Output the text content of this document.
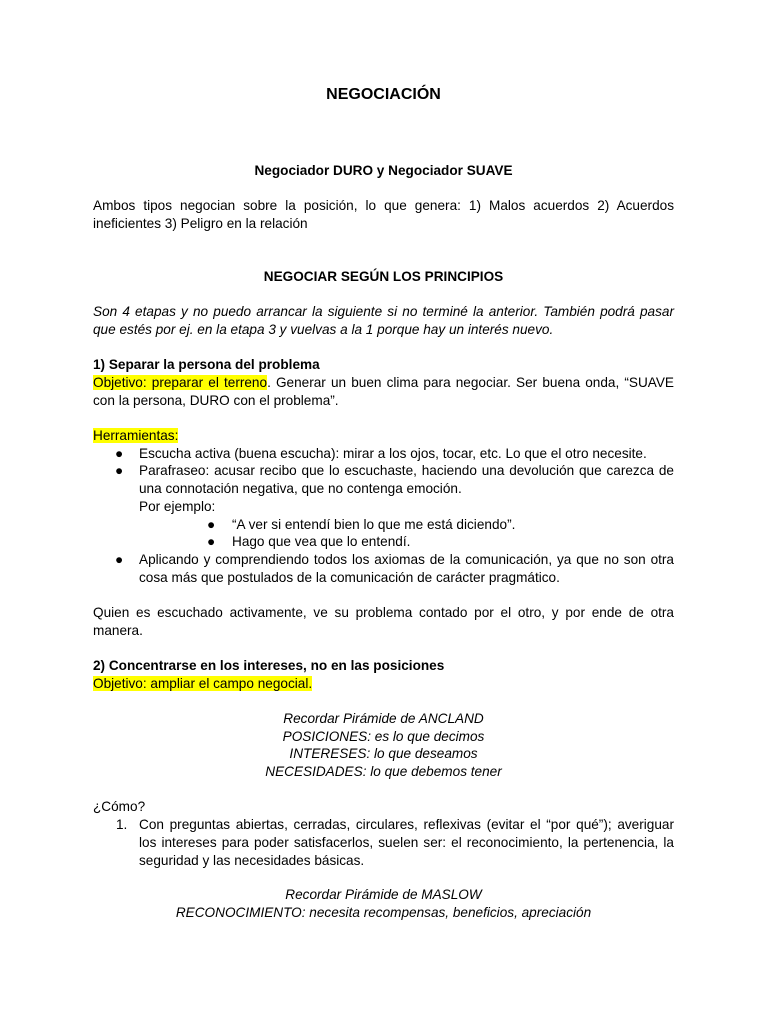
NEGOCIACIÓN
Negociador DURO y Negociador SUAVE
Ambos tipos negocian sobre la posición, lo que genera: 1) Malos acuerdos 2) Acuerdos ineficientes 3) Peligro en la relación
NEGOCIAR SEGÚN LOS PRINCIPIOS
Son 4 etapas y no puedo arrancar la siguiente si no terminé la anterior. También podrá pasar que estés por ej. en la etapa 3 y vuelvas a la 1 porque hay un interés nuevo.
1) Separar la persona del problema
Objetivo: preparar el terreno. Generar un buen clima para negociar. Ser buena onda, “SUAVE con la persona, DURO con el problema”.
Herramientas:
● Escucha activa (buena escucha): mirar a los ojos, tocar, etc. Lo que el otro necesite.
● Parafraseo: acusar recibo que lo escuchaste, haciendo una devolución que carezca de una connotación negativa, que no contenga emoción.
Por ejemplo:
● “A ver si entendí bien lo que me está diciendo”.
● Hago que vea que lo entendí.
● Aplicando y comprendiendo todos los axiomas de la comunicación, ya que no son otra cosa más que postulados de la comunicación de carácter pragmático.
Quien es escuchado activamente, ve su problema contado por el otro, y por ende de otra manera.
2) Concentrarse en los intereses, no en las posiciones
Objetivo: ampliar el campo negocial.
Recordar Pirámide de ANCLAND
POSICIONES: es lo que decimos
INTERESES: lo que deseamos
NECESIDADES: lo que debemos tener
¿Cómo?
1. Con preguntas abiertas, cerradas, circulares, reflexivas (evitar el “por qué”); averiguar los intereses para poder satisfacerlos, suelen ser: el reconocimiento, la pertenencia, la seguridad y las necesidades básicas.
Recordar Pirámide de MASLOW
RECONOCIMIENTO: necesita recompensas, beneficios, apreciación
